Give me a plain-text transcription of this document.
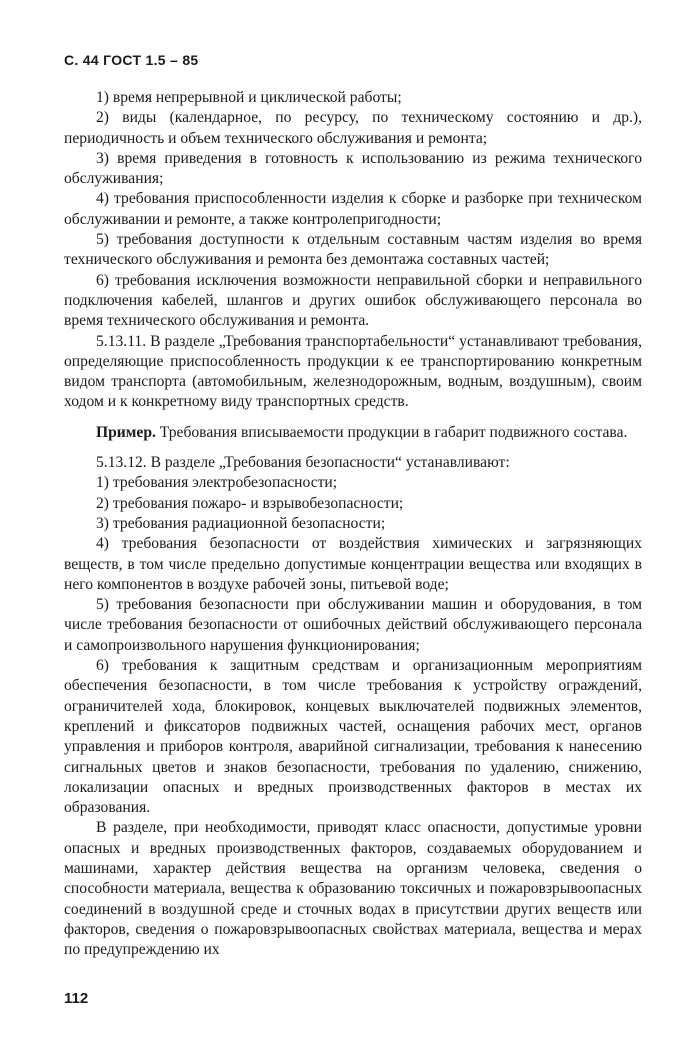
С. 44 ГОСТ 1.5 – 85

1) время непрерывной и циклической работы;

2) виды (календарное, по ресурсу, по техническому состоянию и др.), периодичность и объем технического обслуживания и ремонта;

3) время приведения в готовность к использованию из режима технического обслуживания;

4) требования приспособленности изделия к сборке и разборке при техническом обслуживании и ремонте, а также контролепригодности;

5) требования доступности к отдельным составным частям изделия во время технического обслуживания и ремонта без демонтажа составных частей;

6) требования исключения возможности неправильной сборки и неправильного подключения кабелей, шлангов и других ошибок обслуживающего персонала во время технического обслуживания и ремонта.

5.13.11. В разделе „Требования транспортабельности“ устанавливают требования, определяющие приспособленность продукции к ее транспортированию конкретным видом транспорта (автомобильным, железнодорожным, водным, воздушным), своим ходом и к конкретному виду транспортных средств.

Пример. Требования вписываемости продукции в габарит подвижного состава.

5.13.12. В разделе „Требования безопасности“ устанавливают:

1) требования электробезопасности;

2) требования пожаро- и взрывобезопасности;

3) требования радиационной безопасности;

4) требования безопасности от воздействия химических и загрязняющих веществ, в том числе предельно допустимые концентрации вещества или входящих в него компонентов в воздухе рабочей зоны, питьевой воде;

5) требования безопасности при обслуживании машин и оборудования, в том числе требования безопасности от ошибочных действий обслуживающего персонала и самопроизвольного нарушения функционирования;

6) требования к защитным средствам и организационным мероприятиям обеспечения безопасности, в том числе требования к устройству ограждений, ограничителей хода, блокировок, концевых выключателей подвижных элементов, креплений и фиксаторов подвижных частей, оснащения рабочих мест, органов управления и приборов контроля, аварийной сигнализации, требования к нанесению сигнальных цветов и знаков безопасности, требования по удалению, снижению, локализации опасных и вредных производственных факторов в местах их образования.

В разделе, при необходимости, приводят класс опасности, допустимые уровни опасных и вредных производственных факторов, создаваемых оборудованием и машинами, характер действия вещества на организм человека, сведения о способности материала, вещества к образованию токсичных и пожаровзрывоопасных соединений в воздушной среде и сточных водах в присутствии других веществ или факторов, сведения о пожаровзрывоопасных свойствах материала, вещества и мерах по предупреждению их

112
